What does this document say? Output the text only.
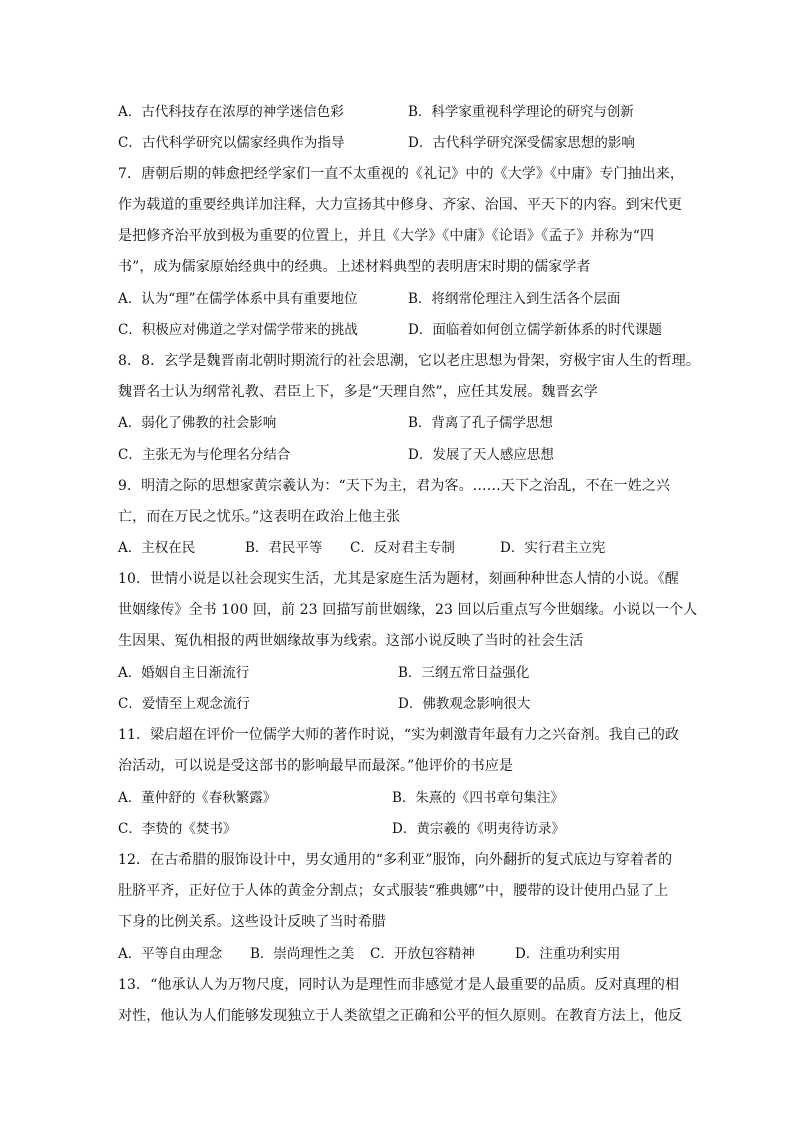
A．古代科技存在浓厚的神学迷信色彩	B．科学家重视科学理论的研究与创新
C．古代科学研究以儒家经典作为指导	D．古代科学研究深受儒家思想的影响
7．唐朝后期的韩愈把经学家们一直不太重视的《礼记》中的《大学》《中庸》专门抽出来，
作为载道的重要经典详加注释，大力宣扬其中修身、齐家、治国、平天下的内容。到宋代更
是把修齐治平放到极为重要的位置上，并且《大学》《中庸》《论语》《孟子》并称为“四
书”，成为儒家原始经典中的经典。上述材料典型的表明唐宋时期的儒家学者
A．认为“理”在儒学体系中具有重要地位	B．将纲常伦理注入到生活各个层面
C．积极应对佛道之学对儒学带来的挑战	D．面临着如何创立儒学新体系的时代课题
8．8．玄学是魏晋南北朝时期流行的社会思潮，它以老庄思想为骨架，穷极宇宙人生的哲理。
魏晋名士认为纲常礼教、君臣上下，多是“天理自然”，应任其发展。魏晋玄学
A．弱化了佛教的社会影响	B．背离了孔子儒学思想
C．主张无为与伦理名分结合	D．发展了天人感应思想
9．明清之际的思想家黄宗羲认为：“天下为主，君为客。……天下之治乱，不在一姓之兴
亡，而在万民之忧乐。”这表明在政治上他主张
A．主权在民	B．君民平等 C．反对君主专制	D．实行君主立宪
10．世情小说是以社会现实生活，尤其是家庭生活为题材，刻画种种世态人情的小说。《醒
世姻缘传》全书 100 回，前 23 回描写前世姻缘，23 回以后重点写今世姻缘。小说以一个人
生因果、冤仇相报的两世姻缘故事为线索。这部小说反映了当时的社会生活
A．婚姻自主日渐流行	B．三纲五常日益强化
C．爱情至上观念流行	D．佛教观念影响很大
11．梁启超在评价一位儒学大师的著作时说，“实为刺激青年最有力之兴奋剂。我自己的政
治活动，可以说是受这部书的影响最早而最深。”他评价的书应是
A．董仲舒的《春秋繁露》	B．朱熹的《四书章句集注》
C．李贽的《焚书》	D．黄宗羲的《明夷待访录》
12．在古希腊的服饰设计中，男女通用的“多利亚”服饰，向外翻折的复式底边与穿着者的
肚脐平齐，正好位于人体的黄金分割点；女式服装“雅典娜”中，腰带的设计使用凸显了上
下身的比例关系。这些设计反映了当时希腊
A．平等自由理念 B．崇尚理性之美 C．开放包容精神	D．注重功利实用
13．“他承认人为万物尺度，同时认为是理性而非感觉才是人最重要的品质。反对真理的相
对性，他认为人们能够发现独立于人类欲望之正确和公平的恒久原则。在教育方法上，他反
